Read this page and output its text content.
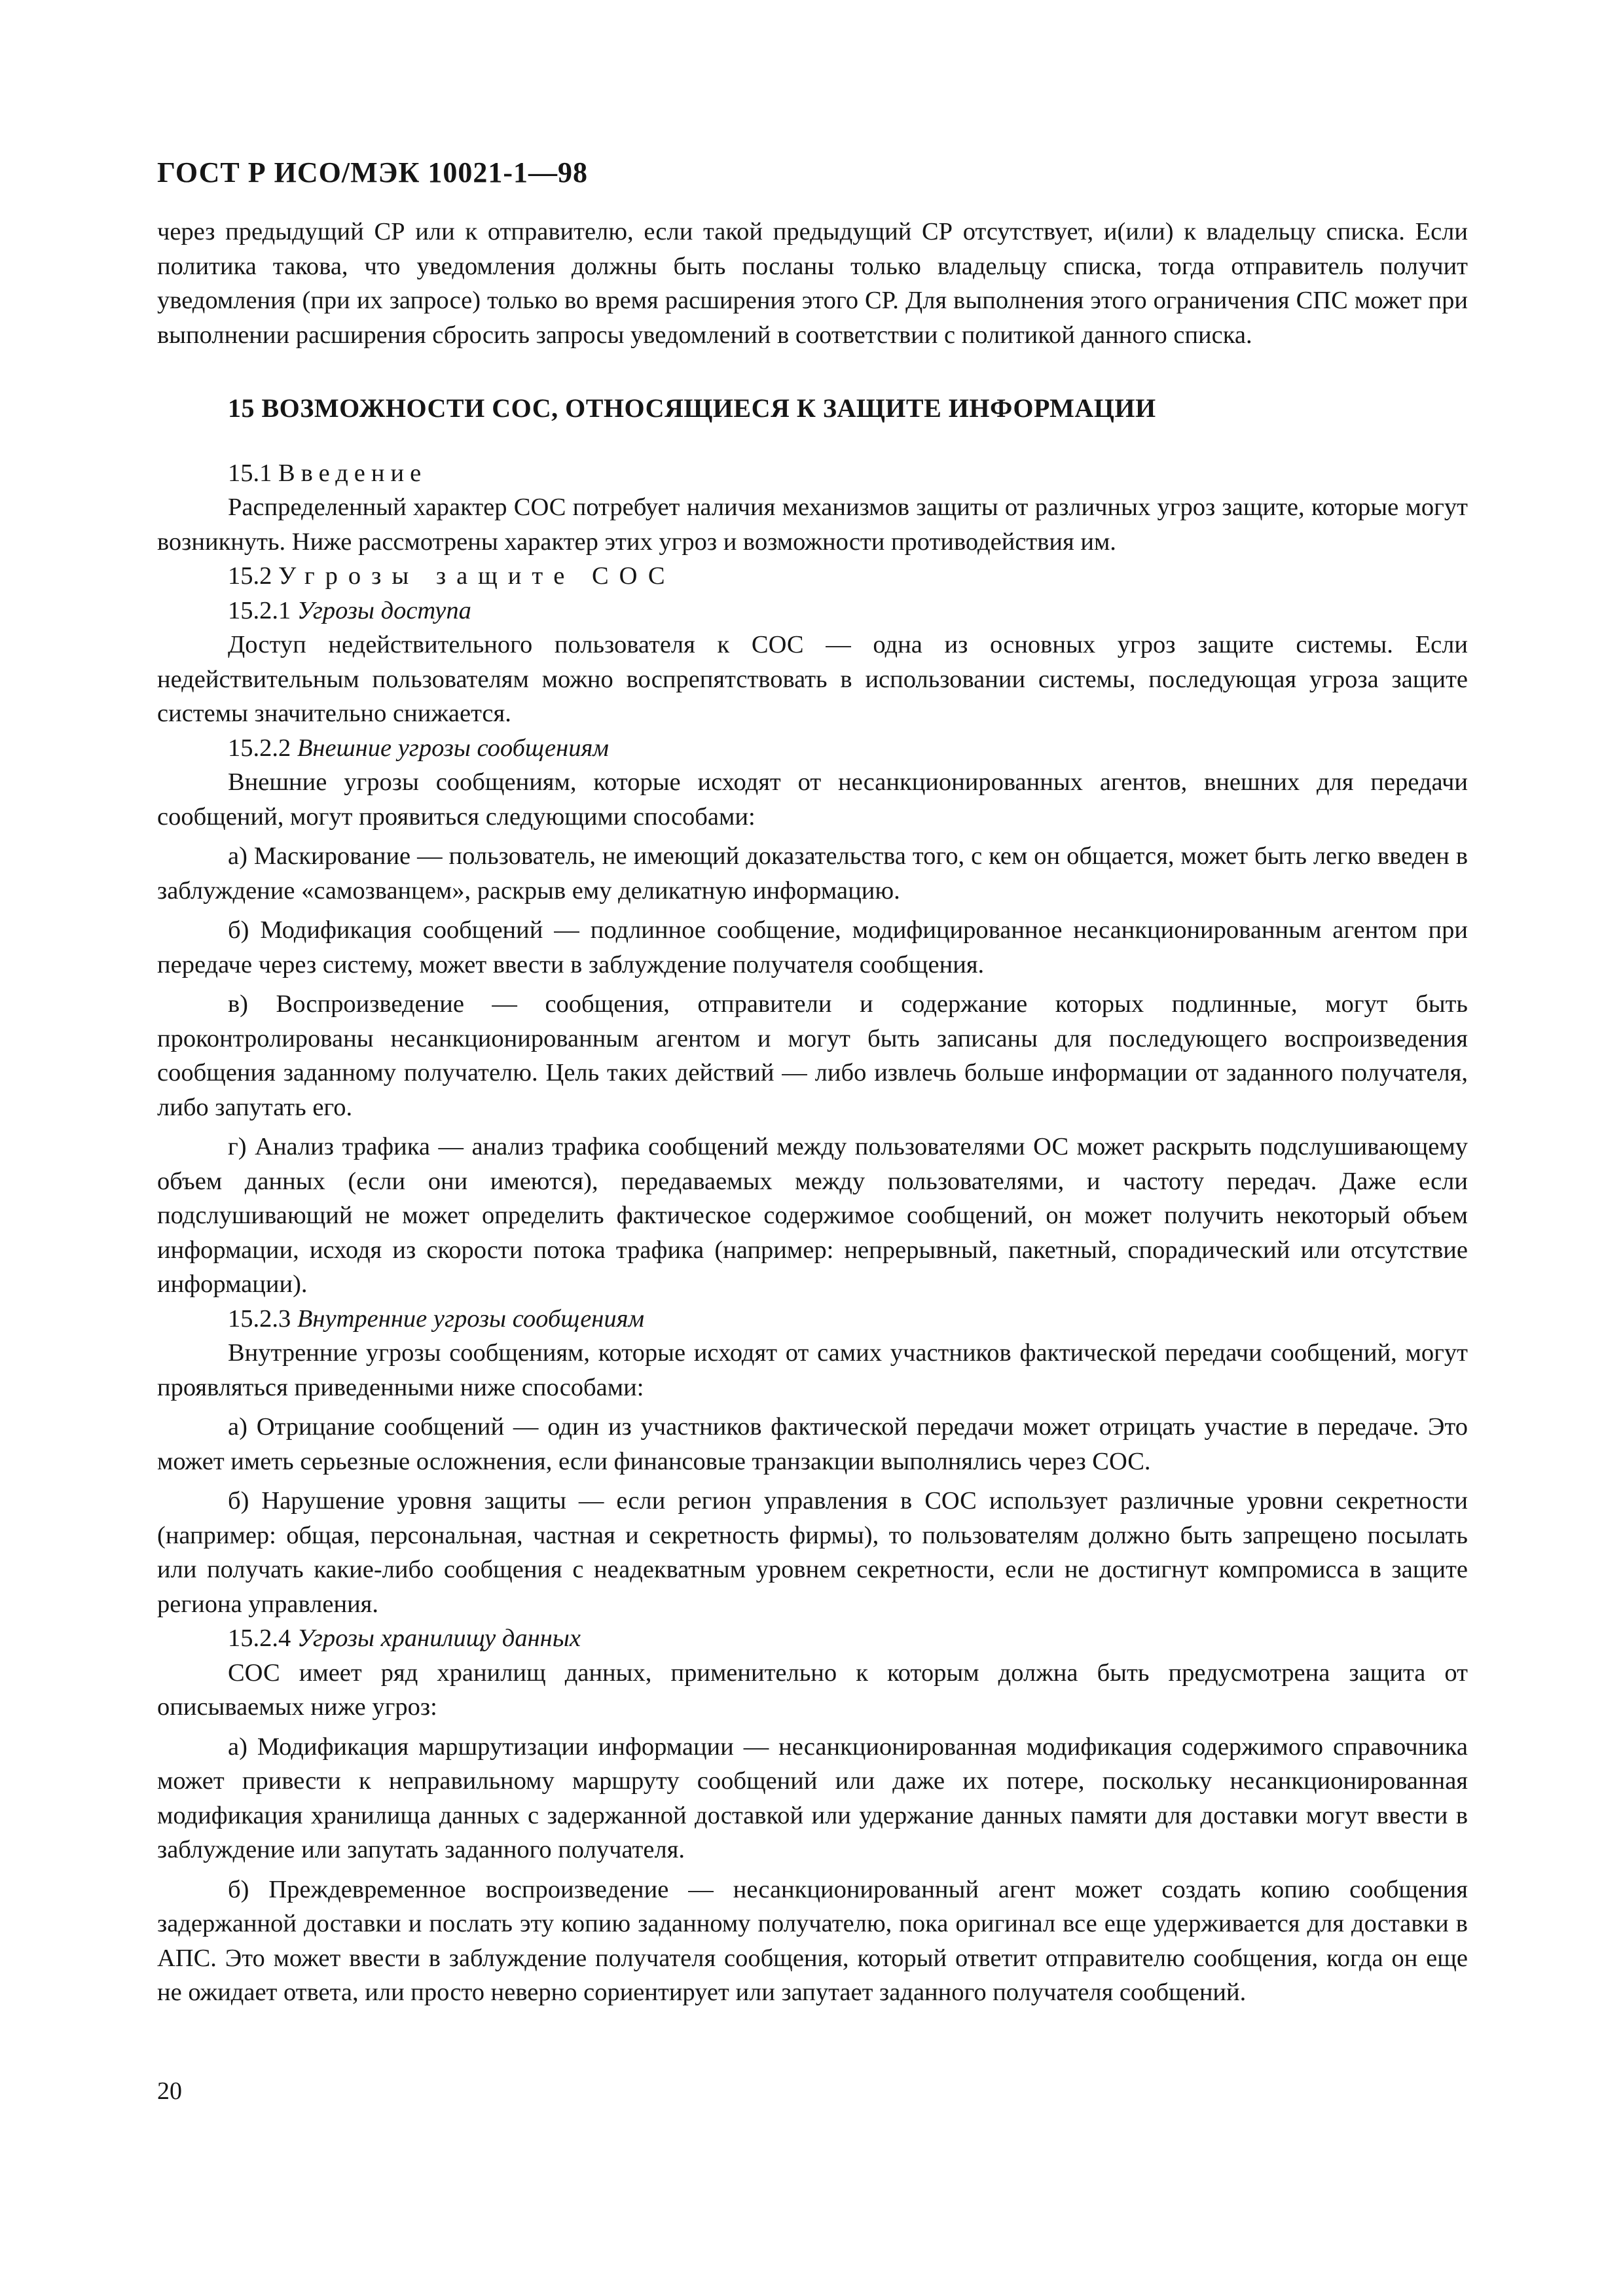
ГОСТ Р ИСО/МЭК 10021-1—98

через предыдущий СР или к отправителю, если такой предыдущий СР отсутствует, и(или) к владельцу списка. Если политика такова, что уведомления должны быть посланы только владельцу списка, тогда отправитель получит уведомления (при их запросе) только во время расширения этого СР. Для выполнения этого ограничения СПС может при выполнении расширения сбросить запросы уведомлений в соответствии с политикой данного списка.

15 ВОЗМОЖНОСТИ СОС, ОТНОСЯЩИЕСЯ К ЗАЩИТЕ ИНФОРМАЦИИ

15.1 Введение

Распределенный характер СОС потребует наличия механизмов защиты от различных угроз защите, которые могут возникнуть. Ниже рассмотрены характер этих угроз и возможности противодействия им.

15.2 Угрозы защите СОС

15.2.1 Угрозы доступа

Доступ недействительного пользователя к СОС — одна из основных угроз защите системы. Если недействительным пользователям можно воспрепятствовать в использовании системы, последующая угроза защите системы значительно снижается.

15.2.2 Внешние угрозы сообщениям

Внешние угрозы сообщениям, которые исходят от несанкционированных агентов, внешних для передачи сообщений, могут проявиться следующими способами:

а) Маскирование — пользователь, не имеющий доказательства того, с кем он общается, может быть легко введен в заблуждение «самозванцем», раскрыв ему деликатную информацию.

б) Модификация сообщений — подлинное сообщение, модифицированное несанкционированным агентом при передаче через систему, может ввести в заблуждение получателя сообщения.

в) Воспроизведение — сообщения, отправители и содержание которых подлинные, могут быть проконтролированы несанкционированным агентом и могут быть записаны для последующего воспроизведения сообщения заданному получателю. Цель таких действий — либо извлечь больше информации от заданного получателя, либо запутать его.

г) Анализ трафика — анализ трафика сообщений между пользователями ОС может раскрыть подслушивающему объем данных (если они имеются), передаваемых между пользователями, и частоту передач. Даже если подслушивающий не может определить фактическое содержимое сообщений, он может получить некоторый объем информации, исходя из скорости потока трафика (например: непрерывный, пакетный, спорадический или отсутствие информации).

15.2.3 Внутренние угрозы сообщениям

Внутренние угрозы сообщениям, которые исходят от самих участников фактической передачи сообщений, могут проявляться приведенными ниже способами:

а) Отрицание сообщений — один из участников фактической передачи может отрицать участие в передаче. Это может иметь серьезные осложнения, если финансовые транзакции выполнялись через СОС.

б) Нарушение уровня защиты — если регион управления в СОС использует различные уровни секретности (например: общая, персональная, частная и секретность фирмы), то пользователям должно быть запрещено посылать или получать какие-либо сообщения с неадекватным уровнем секретности, если не достигнут компромисса в защите региона управления.

15.2.4 Угрозы хранилищу данных

СОС имеет ряд хранилищ данных, применительно к которым должна быть предусмотрена защита от описываемых ниже угроз:

а) Модификация маршрутизации информации — несанкционированная модификация содержимого справочника может привести к неправильному маршруту сообщений или даже их потере, поскольку несанкционированная модификация хранилища данных с задержанной доставкой или удержание данных памяти для доставки могут ввести в заблуждение или запутать заданного получателя.

б) Преждевременное воспроизведение — несанкционированный агент может создать копию сообщения задержанной доставки и послать эту копию заданному получателю, пока оригинал все еще удерживается для доставки в АПС. Это может ввести в заблуждение получателя сообщения, который ответит отправителю сообщения, когда он еще не ожидает ответа, или просто неверно сориентирует или запутает заданного получателя сообщений.

20
